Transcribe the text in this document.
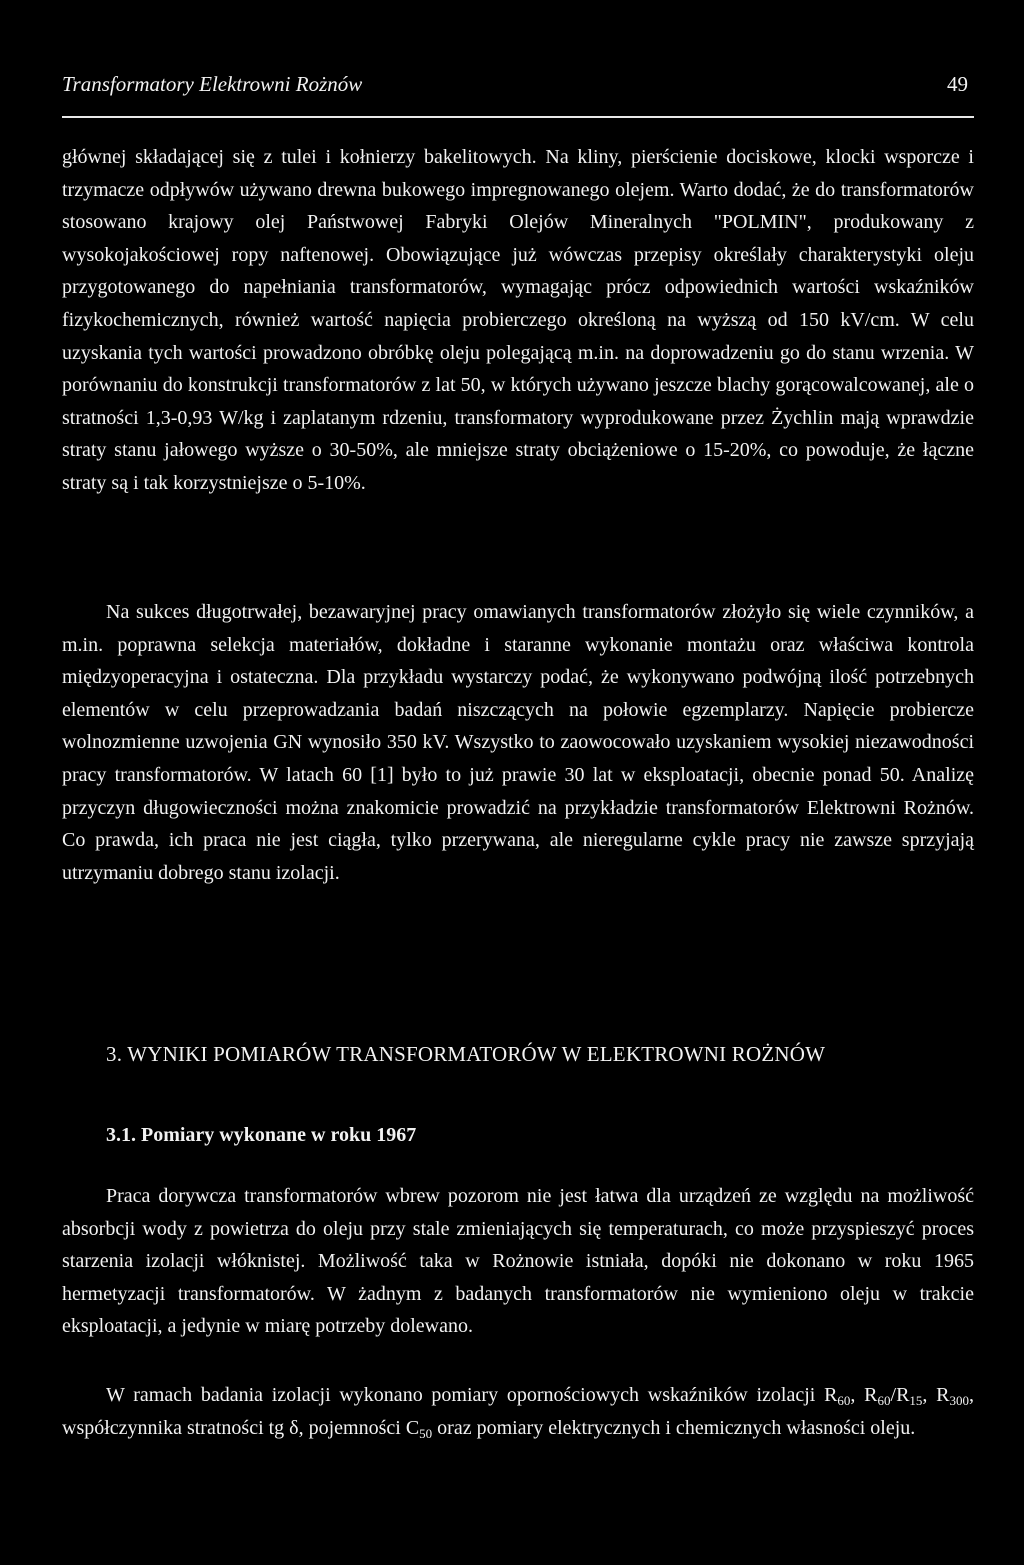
Transformatory Elektrowni Rożnów	49

głównej składającej się z tulei i kołnierzy bakelitowych. Na kliny, pierścienie dociskowe, klocki wsporcze i trzymacze odpływów używano drewna bukowego impregnowanego olejem. Warto dodać, że do transformatorów stosowano krajowy olej Państwowej Fabryki Olejów Mineralnych "POLMIN", produkowany z wysokojakościowej ropy naftenowej. Obowiązujące już wówczas przepisy określały charakterystyki oleju przygotowanego do napełniania transformatorów, wymagając prócz odpowiednich wartości wskaźników fizykochemicznych, również wartość napięcia probierczego określoną na wyższą od 150 kV/cm. W celu uzyskania tych wartości prowadzono obróbkę oleju polegającą m.in. na doprowadzeniu go do stanu wrzenia. W porównaniu do konstrukcji transformatorów z lat 50, w których używano jeszcze blachy gorącowalcowanej, ale o stratności 1,3-0,93 W/kg i zaplatanym rdzeniu, transformatory wyprodukowane przez Żychlin mają wprawdzie straty stanu jałowego wyższe o 30-50%, ale mniejsze straty obciążeniowe o 15-20%, co powoduje, że łączne straty są i tak korzystniejsze o 5-10%.

Na sukces długotrwałej, bezawaryjnej pracy omawianych transformatorów złożyło się wiele czynników, a m.in. poprawna selekcja materiałów, dokładne i staranne wykonanie montażu oraz właściwa kontrola międzyoperacyjna i ostateczna. Dla przykładu wystarczy podać, że wykonywano podwójną ilość potrzebnych elementów w celu przeprowadzania badań niszczących na połowie egzemplarzy. Napięcie probiercze wolnozmienne uzwojenia GN wynosiło 350 kV. Wszystko to zaowocowało uzyskaniem wysokiej niezawodności pracy transformatorów. W latach 60 [1] było to już prawie 30 lat w eksploatacji, obecnie ponad 50. Analizę przyczyn długowieczności można znakomicie prowadzić na przykładzie transformatorów Elektrowni Rożnów. Co prawda, ich praca nie jest ciągła, tylko przerywana, ale nieregularne cykle pracy nie zawsze sprzyjają utrzymaniu dobrego stanu izolacji.

3. WYNIKI POMIARÓW TRANSFORMATORÓW W ELEKTROWNI ROŻNÓW
3.1. Pomiary wykonane w roku 1967

Praca dorywcza transformatorów wbrew pozorom nie jest łatwa dla urządzeń ze względu na możliwość absorbcji wody z powietrza do oleju przy stale zmieniających się temperaturach, co może przyspieszyć proces starzenia izolacji włóknistej. Możliwość taka w Rożnowie istniała, dopóki nie dokonano w roku 1965 hermetyzacji transformatorów. W żadnym z badanych transformatorów nie wymieniono oleju w trakcie eksploatacji, a jedynie w miarę potrzeby dolewano.

W ramach badania izolacji wykonano pomiary opornościowych wskaźników izolacji $R_{60}$, $R_{60}/R_{15}$, $R_{300}$, współczynnika stratności tg δ, pojemności $C_{50}$ oraz pomiary elektrycznych i chemicznych własności oleju.
